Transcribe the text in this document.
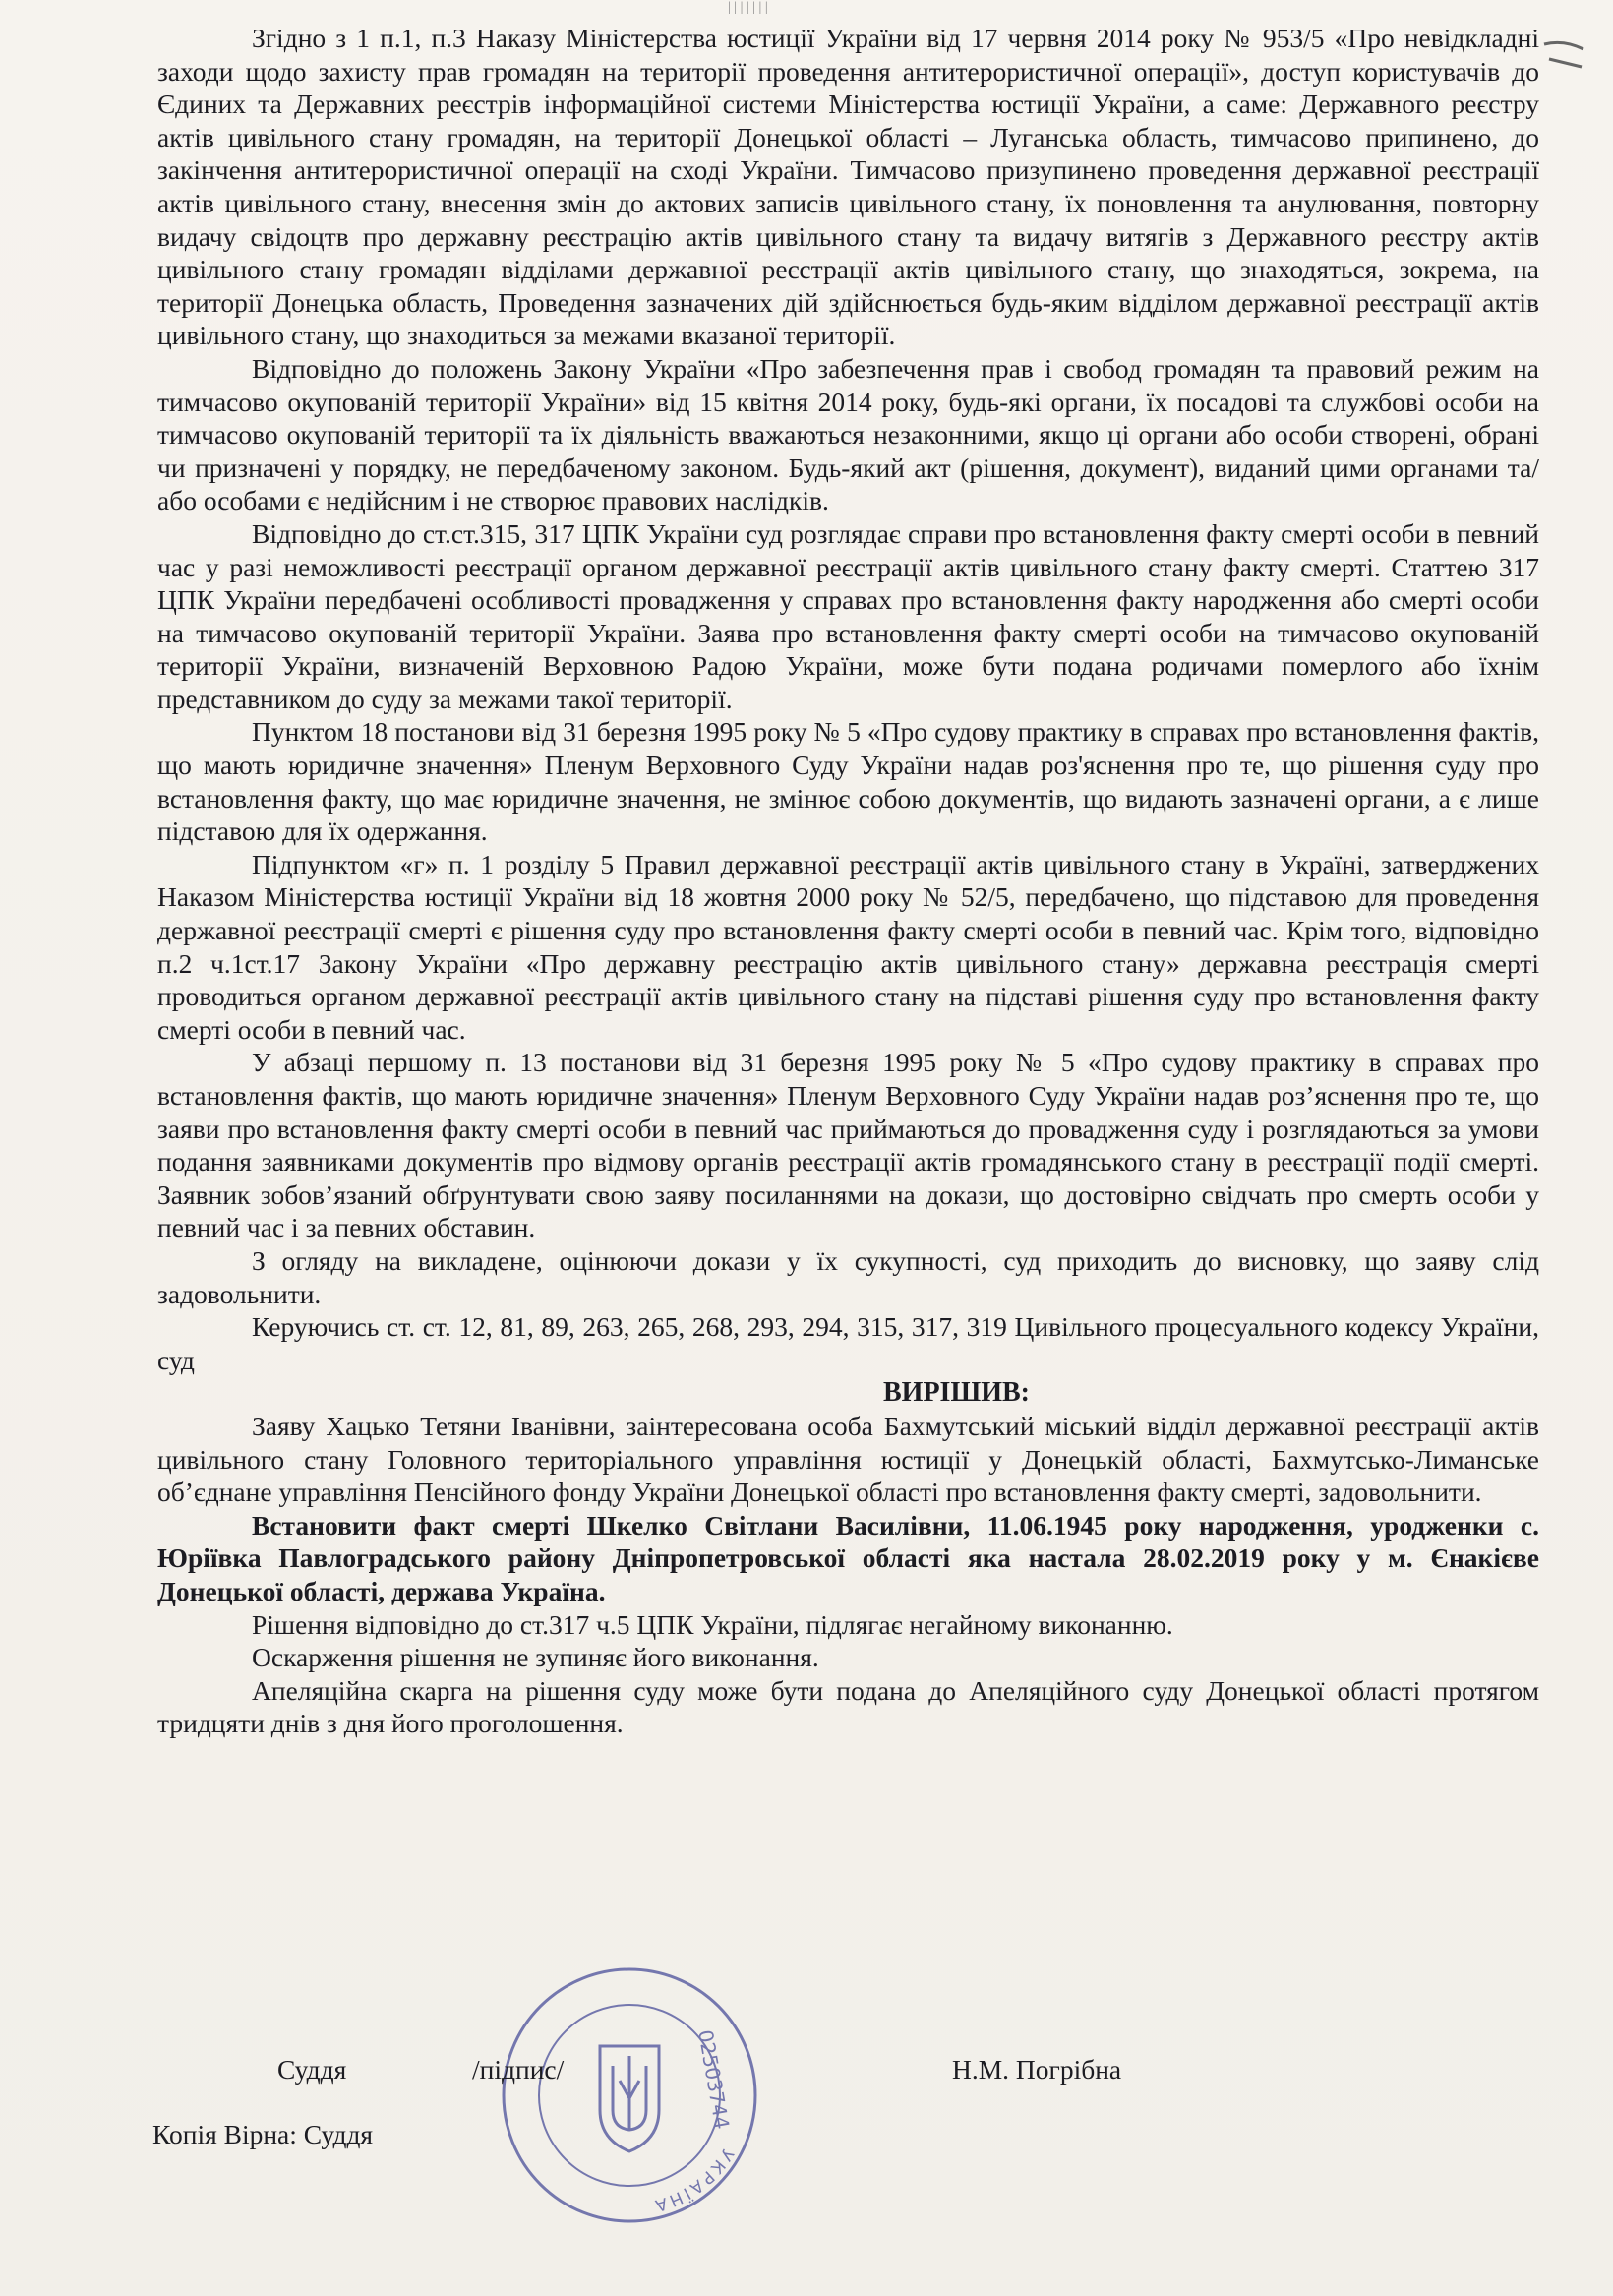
| | | | | | |

Згідно з 1 п.1, п.3 Наказу Міністерства юстиції України від 17 червня 2014 року № 953/5 «Про невідкладні заходи щодо захисту прав громадян на території проведення антитерористичної операції», доступ користувачів до Єдиних та Державних реєстрів інформаційної системи Міністерства юстиції України, а саме: Державного реєстру актів цивільного стану громадян, на території Донецької області – Луганська область, тимчасово припинено, до закінчення антитерористичної операції на сході України. Тимчасово призупинено проведення державної реєстрації актів цивільного стану, внесення змін до актових записів цивільного стану, їх поновлення та анулювання, повторну видачу свідоцтв про державну реєстрацію актів цивільного стану та видачу витягів з Державного реєстру актів цивільного стану громадян відділами державної реєстрації актів цивільного стану, що знаходяться, зокрема, на території Донецька область, Проведення зазначених дій здійснюється будь-яким відділом державної реєстрації актів цивільного стану, що знаходиться за межами вказаної території.

Відповідно до положень Закону України «Про забезпечення прав і свобод громадян та правовий режим на тимчасово окупованій території України» від 15 квітня 2014 року, будь-які органи, їх посадові та службові особи на тимчасово окупованій території та їх діяльність вважаються незаконними, якщо ці органи або особи створені, обрані чи призначені у порядку, не передбаченому законом. Будь-який акт (рішення, документ), виданий цими органами та/ або особами є недійсним і не створює правових наслідків.

Відповідно до ст.ст.315, 317 ЦПК України суд розглядає справи про встановлення факту смерті особи в певний час у разі неможливості реєстрації органом державної реєстрації актів цивільного стану факту смерті. Статтею 317 ЦПК України передбачені особливості провадження у справах про встановлення факту народження або смерті особи на тимчасово окупованій території України. Заява про встановлення факту смерті особи на тимчасово окупованій території України, визначеній Верховною Радою України, може бути подана родичами померлого або їхнім представником до суду за межами такої території.

Пунктом 18 постанови від 31 березня 1995 року № 5 «Про судову практику в справах про встановлення фактів, що мають юридичне значення» Пленум Верховного Суду України надав роз'яснення про те, що рішення суду про встановлення факту, що має юридичне значення, не змінює собою документів, що видають зазначені органи, а є лише підставою для їх одержання.

Підпунктом «г» п. 1 розділу 5 Правил державної реєстрації актів цивільного стану в Україні, затверджених Наказом Міністерства юстиції України від 18 жовтня 2000 року № 52/5, передбачено, що підставою для проведення державної реєстрації смерті є рішення суду про встановлення факту смерті особи в певний час. Крім того, відповідно п.2 ч.1ст.17 Закону України «Про державну реєстрацію актів цивільного стану» державна реєстрація смерті проводиться органом державної реєстрації актів цивільного стану на підставі рішення суду про встановлення факту смерті особи в певний час.

У абзаці першому п. 13 постанови від 31 березня 1995 року № 5 «Про судову практику в справах про встановлення фактів, що мають юридичне значення» Пленум Верховного Суду України надав роз’яснення про те, що заяви про встановлення факту смерті особи в певний час приймаються до провадження суду і розглядаються за умови подання заявниками документів про відмову органів реєстрації актів громадянського стану в реєстрації події смерті. Заявник зобов’язаний обґрунтувати свою заяву посиланнями на докази, що достовірно свідчать про смерть особи у певний час і за певних обставин.

З огляду на викладене, оцінюючи докази у їх сукупності, суд приходить до висновку, що заяву слід задовольнити.

Керуючись ст. ст. 12, 81, 89, 263, 265, 268, 293, 294, 315, 317, 319 Цивільного процесуального кодексу України, суд

ВИРІШИВ:

Заяву Хацько Тетяни Іванівни, заінтересована особа Бахмутський міський відділ державної реєстрації актів цивільного стану Головного територіального управління юстиції у Донецькій області, Бахмутсько-Лиманське об’єднане управління Пенсійного фонду України Донецької області про встановлення факту смерті, задовольнити.

Встановити факт смерті Шкелко Світлани Василівни, 11.06.1945 року народження, уродженки с. Юріївка Павлоградського району Дніпропетровської області яка настала 28.02.2019 року у м. Єнакієве Донецької області, держава Україна.

Рішення відповідно до ст.317 ч.5 ЦПК України, підлягає негайному виконанню.

Оскарження рішення не зупиняє його виконання.

Апеляційна скарга на рішення суду може бути подана до Апеляційного суду Донецької області протягом тридцяти днів з дня його проголошення.

УКРАЇНА
02503744
Суддя	/підпис/	Н.М. Погрібна
Копія Вірна: Суддя
